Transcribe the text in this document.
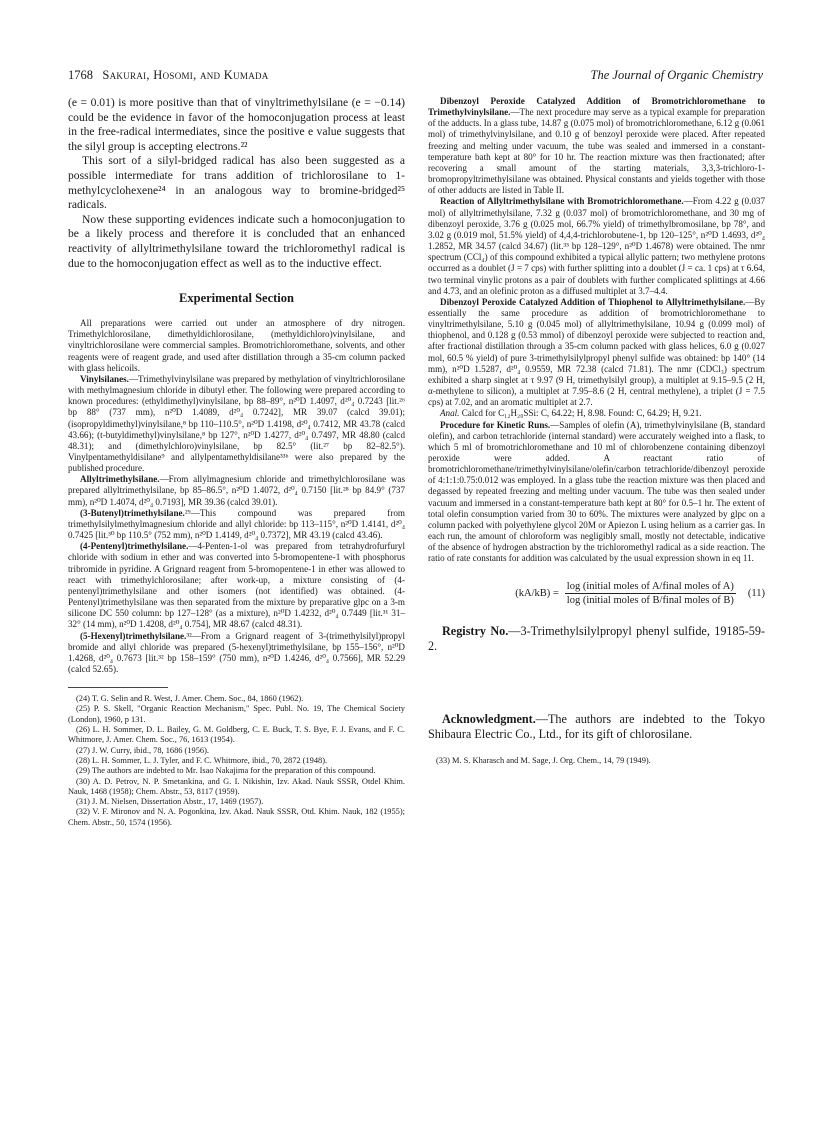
1768 Sakurai, Hosomi, and Kumada	The Journal of Organic Chemistry

(e = 0.01) is more positive than that of vinyltrimethylsilane (e = −0.14) could be the evidence in favor of the homoconjugation process at least in the free-radical intermediates, since the positive e value suggests that the silyl group is accepting electrons.²²

This sort of a silyl-bridged radical has also been suggested as a possible intermediate for trans addition of trichlorosilane to 1-methylcyclohexene²⁴ in an analogous way to bromine-bridged²⁵ radicals.

Now these supporting evidences indicate such a homoconjugation to be a likely process and therefore it is concluded that an enhanced reactivity of allyltrimethylsilane toward the trichloromethyl radical is due to the homoconjugation effect as well as to the inductive effect.

Experimental Section

All preparations were carried out under an atmosphere of dry nitrogen. Trimethylchlorosilane, dimethyldichlorosilane, (methyldichloro)vinylsilane, and vinyltrichlorosilane were commercial samples. Bromotrichloromethane, solvents, and other reagents were of reagent grade, and used after distillation through a 35-cm column packed with glass helicoils.

Vinylsilanes.—Trimethylvinylsilane was prepared by methylation of vinyltrichlorosilane with methylmagnesium chloride in dibutyl ether. The following were prepared according to known procedures: (ethyldimethyl)vinylsilane, bp 88–89°, n²⁰D 1.4097, d²⁰₄ 0.7243 [lit.²⁶ bp 88° (737 mm), n²⁰D 1.4089, d²⁰₄ 0.7242], MR 39.07 (calcd 39.01); (isopropyldimethyl)vinylsilane,⁸ bp 110–110.5°, n²⁰D 1.4198, d²⁰₄ 0.7412, MR 43.78 (calcd 43.66); (t-butyldimethyl)vinylsilane,⁸ bp 127°, n²⁰D 1.4277, d²⁰₄ 0.7497, MR 48.80 (calcd 48.31); and (dimethylchloro)vinylsilane, bp 82.5° (lit.²⁷ bp 82–82.5°). Vinylpentamethyldisilane⁹ and allylpentamethyldisilane³³ᵇ were also prepared by the published procedure.

Allyltrimethylsilane.—From allylmagnesium chloride and trimethylchlorosilane was prepared allyltrimethylsilane, bp 85–86.5°, n²⁰D 1.4072, d²⁰₄ 0.7150 [lit.²⁸ bp 84.9° (737 mm), n²⁰D 1.4074, d²⁰₄ 0.7193], MR 39.36 (calcd 39.01).

(3-Butenyl)trimethylsilane.²⁹—This compound was prepared from trimethylsilylmethylmagnesium chloride and allyl chloride: bp 113–115°, n²⁰D 1.4141, d²⁰₄ 0.7425 [lit.³⁰ bp 110.5° (752 mm), n²⁰D 1.4149, d²⁰₄ 0.7372], MR 43.19 (calcd 43.46).

(4-Pentenyl)trimethylsilane.—4-Penten-1-ol was prepared from tetrahydrofurfuryl chloride with sodium in ether and was converted into 5-bromopentene-1 with phosphorus tribromide in pyridine. A Grignard reagent from 5-bromopentene-1 in ether was allowed to react with trimethylchlorosilane; after work-up, a mixture consisting of (4-pentenyl)trimethylsilane and other isomers (not identified) was obtained. (4-Pentenyl)trimethylsilane was then separated from the mixture by preparative glpc on a 3-m silicone DC 550 column: bp 127–128° (as a mixture), n²⁰D 1.4232, d²⁰₄ 0.7449 [lit.³¹ 31–32° (14 mm), n²⁰D 1.4208, d²⁰₄ 0.754], MR 48.67 (calcd 48.31).

(5-Hexenyl)trimethylsilane.³²—From a Grignard reagent of 3-(trimethylsilyl)propyl bromide and allyl chloride was prepared (5-hexenyl)trimethylsilane, bp 155–156°, n²⁰D 1.4268, d²⁰₄ 0.7673 [lit.³² bp 158–159° (750 mm), n²⁰D 1.4246, d²⁰₄ 0.7566], MR 52.29 (calcd 52.65).

(24) T. G. Selin and R. West, J. Amer. Chem. Soc., 84, 1860 (1962).

(25) P. S. Skell, "Organic Reaction Mechanism," Spec. Publ. No. 19, The Chemical Society (London), 1960, p 131.

(26) L. H. Sommer, D. L. Bailey, G. M. Goldberg, C. E. Buck, T. S. Bye, F. J. Evans, and F. C. Whitmore, J. Amer. Chem. Soc., 76, 1613 (1954).

(27) J. W. Curry, ibid., 78, 1686 (1956).

(28) L. H. Sommer, L. J. Tyler, and F. C. Whitmore, ibid., 70, 2872 (1948).

(29) The authors are indebted to Mr. Isao Nakajima for the preparation of this compound.

(30) A. D. Petrov, N. P. Smetankina, and G. I. Nikishin, Izv. Akad. Nauk SSSR, Otdel Khim. Nauk, 1468 (1958); Chem. Abstr., 53, 8117 (1959).

(31) J. M. Nielsen, Dissertation Abstr., 17, 1469 (1957).

(32) V. F. Mironov and N. A. Pogonkina, Izv. Akad. Nauk SSSR, Otd. Khim. Nauk, 182 (1955); Chem. Abstr., 50, 1574 (1956).

Dibenzoyl Peroxide Catalyzed Addition of Bromotrichloromethane to Trimethylvinylsilane.—The next procedure may serve as a typical example for preparation of the adducts. In a glass tube, 14.87 g (0.075 mol) of bromotrichloromethane, 6.12 g (0.061 mol) of trimethylvinylsilane, and 0.10 g of benzoyl peroxide were placed. After repeated freezing and melting under vacuum, the tube was sealed and immersed in a constant-temperature bath kept at 80° for 10 hr. The reaction mixture was then fractionated; after recovering a small amount of the starting materials, 3,3,3-trichloro-1-bromopropyltrimethylsilane was obtained. Physical constants and yields together with those of other adducts are listed in Table II.

Reaction of Allyltrimethylsilane with Bromotrichloromethane.—From 4.22 g (0.037 mol) of allyltrimethylsilane, 7.32 g (0.037 mol) of bromotrichloromethane, and 30 mg of dibenzoyl peroxide, 3.76 g (0.025 mol, 66.7% yield) of trimethylbromosilane, bp 78°, and 3.02 g (0.019 mol, 51.5% yield) of 4,4,4-trichlorobutene-1, bp 120–125°, n²⁰D 1.4693, d²⁰₄ 1.2852, MR 34.57 (calcd 34.67) (lit.³³ bp 128–129°, n²⁰D 1.4678) were obtained. The nmr spectrum (CCl₄) of this compound exhibited a typical allylic pattern; two methylene protons occurred as a doublet (J = 7 cps) with further splitting into a doublet (J = ca. 1 cps) at τ 6.64, two terminal vinylic protons as a pair of doublets with further complicated splittings at 4.66 and 4.73, and an olefinic proton as a diffused multiplet at 3.7–4.4.

Dibenzoyl Peroxide Catalyzed Addition of Thiophenol to Allyltrimethylsilane.—By essentially the same procedure as addition of bromotrichloromethane to vinyltrimethylsilane, 5.10 g (0.045 mol) of allyltrimethylsilane, 10.94 g (0.099 mol) of thiophenol, and 0.128 g (0.53 mmol) of dibenzoyl peroxide were subjected to reaction and, after fractional distillation through a 35-cm column packed with glass helices, 6.0 g (0.027 mol, 60.5 % yield) of pure 3-trimethylsilylpropyl phenyl sulfide was obtained: bp 140° (14 mm), n²⁰D 1.5287, d²⁰₄ 0.9559, MR 72.38 (calcd 71.81). The nmr (CDCl₃) spectrum exhibited a sharp singlet at τ 9.97 (9 H, trimethylsilyl group), a multiplet at 9.15–9.5 (2 H, α-methylene to silicon), a multiplet at 7.95–8.6 (2 H, central methylene), a triplet (J = 7.5 cps) at 7.02, and an aromatic multiplet at 2.7.

Anal. Calcd for C₁₂H₂₀SSi: C, 64.22; H, 8.98. Found: C, 64.29; H, 9.21.

Procedure for Kinetic Runs.—Samples of olefin (A), trimethylvinylsilane (B, standard olefin), and carbon tetrachloride (internal standard) were accurately weighed into a flask, to which 5 ml of bromotrichloromethane and 10 ml of chlorobenzene containing dibenzoyl peroxide were added. A reactant ratio of bromotrichloromethane/trimethylvinylsilane/olefin/carbon tetrachloride/dibenzoyl peroxide of 4:1:1:0.75:0.012 was employed. In a glass tube the reaction mixture was then placed and degassed by repeated freezing and melting under vacuum. The tube was then sealed under vacuum and immersed in a constant-temperature bath kept at 80° for 0.5–1 hr. The extent of total olefin consumption varied from 30 to 60%. The mixtures were analyzed by glpc on a column packed with polyethylene glycol 20M or Apiezon L using helium as a carrier gas. In each run, the amount of chloroform was negligibly small, mostly not detectable, indicative of the absence of hydrogen abstraction by the trichloromethyl radical as a side reaction. The ratio of rate constants for addition was calculated by the usual expression shown in eq 11.

$(kA/kB) = \frac{\text{log (initial moles of A/final moles of A)}}{\text{log (initial moles of B/final moles of B)}} (11)$

Registry No.—3-Trimethylsilylpropyl phenyl sulfide, 19185-59-2.

Acknowledgment.—The authors are indebted to the Tokyo Shibaura Electric Co., Ltd., for its gift of chlorosilane.

(33) M. S. Kharasch and M. Sage, J. Org. Chem., 14, 79 (1949).
